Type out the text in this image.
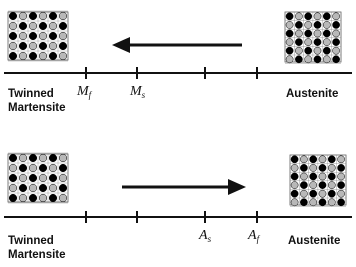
Twinned
Martensite
Austenite
Mf	Ms
Twinned
Martensite
Austenite
As	Af
